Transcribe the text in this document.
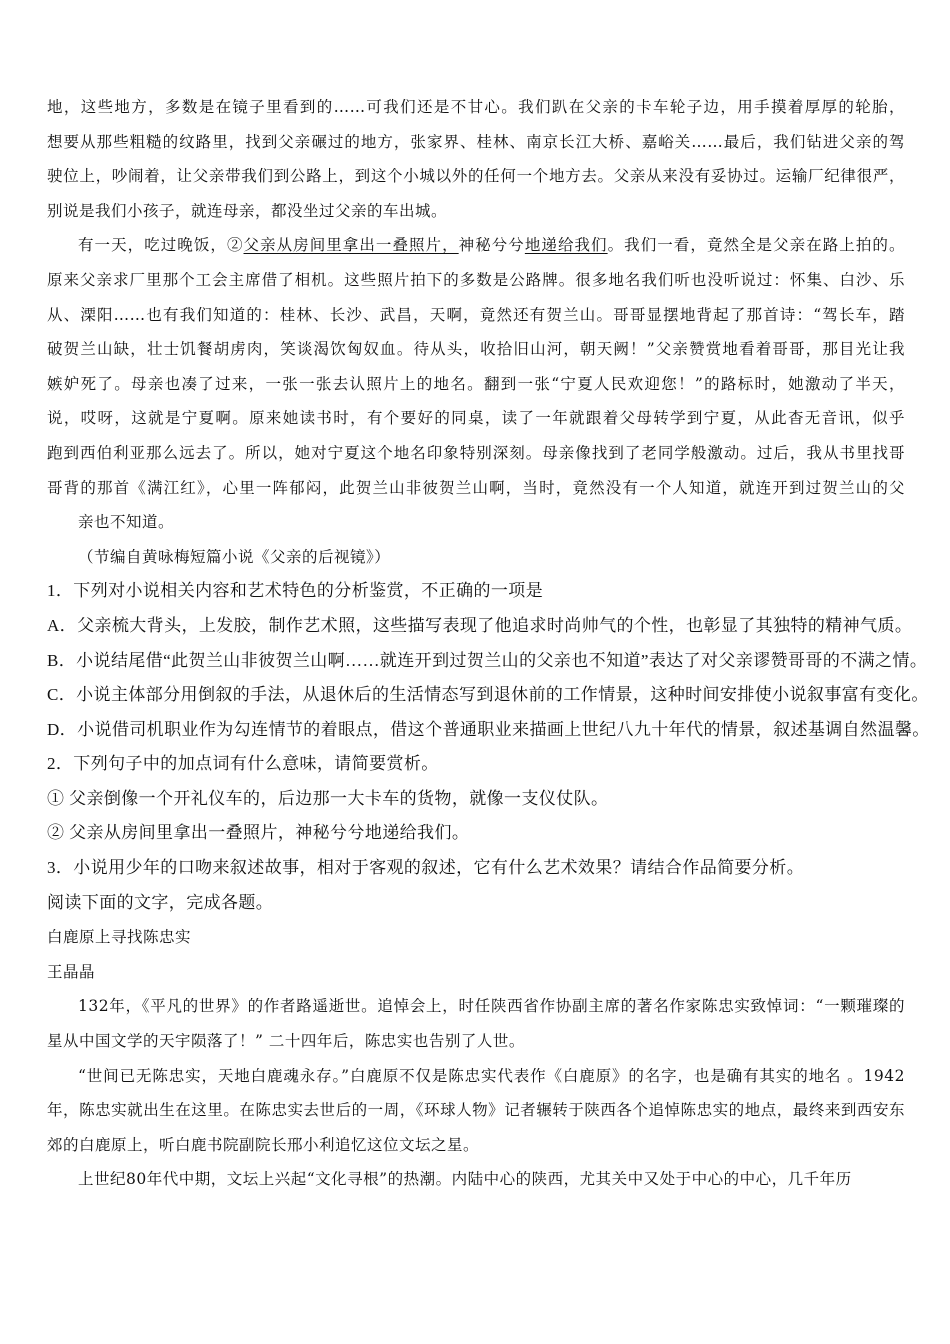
地，这些地方，多数是在镜子里看到的……可我们还是不甘心。我们趴在父亲的卡车轮子边，用手摸着厚厚的轮胎，
想要从那些粗糙的纹路里，找到父亲碾过的地方，张家界、桂林、南京长江大桥、嘉峪关……最后，我们钻进父亲的驾
驶位上，吵闹着，让父亲带我们到公路上，到这个小城以外的任何一个地方去。父亲从来没有妥协过。运输厂纪律很严，

别说是我们小孩子，就连母亲，都没坐过父亲的车出城。

有一天，吃过晚饭，②父亲从房间里拿出一叠照片，神秘兮兮地递给我们。我们一看，竟然全是父亲在路上拍的。
原来父亲求厂里那个工会主席借了相机。这些照片拍下的多数是公路牌。很多地名我们听也没听说过：怀集、白沙、乐
从、溧阳……也有我们知道的：桂林、长沙、武昌，天啊，竟然还有贺兰山。哥哥显摆地背起了那首诗：“驾长车，踏
破贺兰山缺，壮士饥餐胡虏肉，笑谈渴饮匈奴血。待从头，收拾旧山河，朝天阙！”父亲赞赏地看着哥哥，那目光让我
嫉妒死了。母亲也凑了过来，一张一张去认照片上的地名。翻到一张“宁夏人民欢迎您！”的路标时，她激动了半天，
说，哎呀，这就是宁夏啊。原来她读书时，有个要好的同桌，读了一年就跟着父母转学到宁夏，从此杳无音讯，似乎
跑到西伯利亚那么远去了。所以，她对宁夏这个地名印象特别深刻。母亲像找到了老同学般激动。过后，我从书里找哥
哥背的那首《满江红》，心里一阵郁闷，此贺兰山非彼贺兰山啊，当时，竟然没有一个人知道，就连开到过贺兰山的父

亲也不知道。

（节编自黄咏梅短篇小说《父亲的后视镜》）

1．下列对小说相关内容和艺术特色的分析鉴赏，不正确的一项是

A．父亲梳大背头，上发胶，制作艺术照，这些描写表现了他追求时尚帅气的个性，也彰显了其独特的精神气质。

B．小说结尾借“此贺兰山非彼贺兰山啊……就连开到过贺兰山的父亲也不知道”表达了对父亲谬赞哥哥的不满之情。

C．小说主体部分用倒叙的手法，从退休后的生活情态写到退休前的工作情景，这种时间安排使小说叙事富有变化。

D．小说借司机职业作为勾连情节的着眼点，借这个普通职业来描画上世纪八九十年代的情景，叙述基调自然温馨。

2．下列句子中的加点词有什么意味，请简要赏析。

① 父亲倒像一个开礼仪车的，后边那一大卡车的货物，就像一支仪仗队。

② 父亲从房间里拿出一叠照片，神秘兮兮地递给我们。

3．小说用少年的口吻来叙述故事，相对于客观的叙述，它有什么艺术效果？请结合作品简要分析。

阅读下面的文字，完成各题。

白鹿原上寻找陈忠实

王晶晶

132年，《平凡的世界》的作者路遥逝世。追悼会上，时任陕西省作协副主席的著名作家陈忠实致悼词：“一颗璀璨的星从中国文学的天宇陨落了！” 二十四年后，陈忠实也告别了人世。

“世间已无陈忠实，天地白鹿魂永存。”白鹿原不仅是陈忠实代表作《白鹿原》的名字，也是确有其实的地名 。1942年，陈忠实就出生在这里。在陈忠实去世后的一周，《环球人物》记者辗转于陕西各个追悼陈忠实的地点，最终来到西安东郊的白鹿原上，听白鹿书院副院长邢小利追忆这位文坛之星。

上世纪80年代中期，文坛上兴起“文化寻根”的热潮。内陆中心的陕西，尤其关中又处于中心的中心，几千年历
